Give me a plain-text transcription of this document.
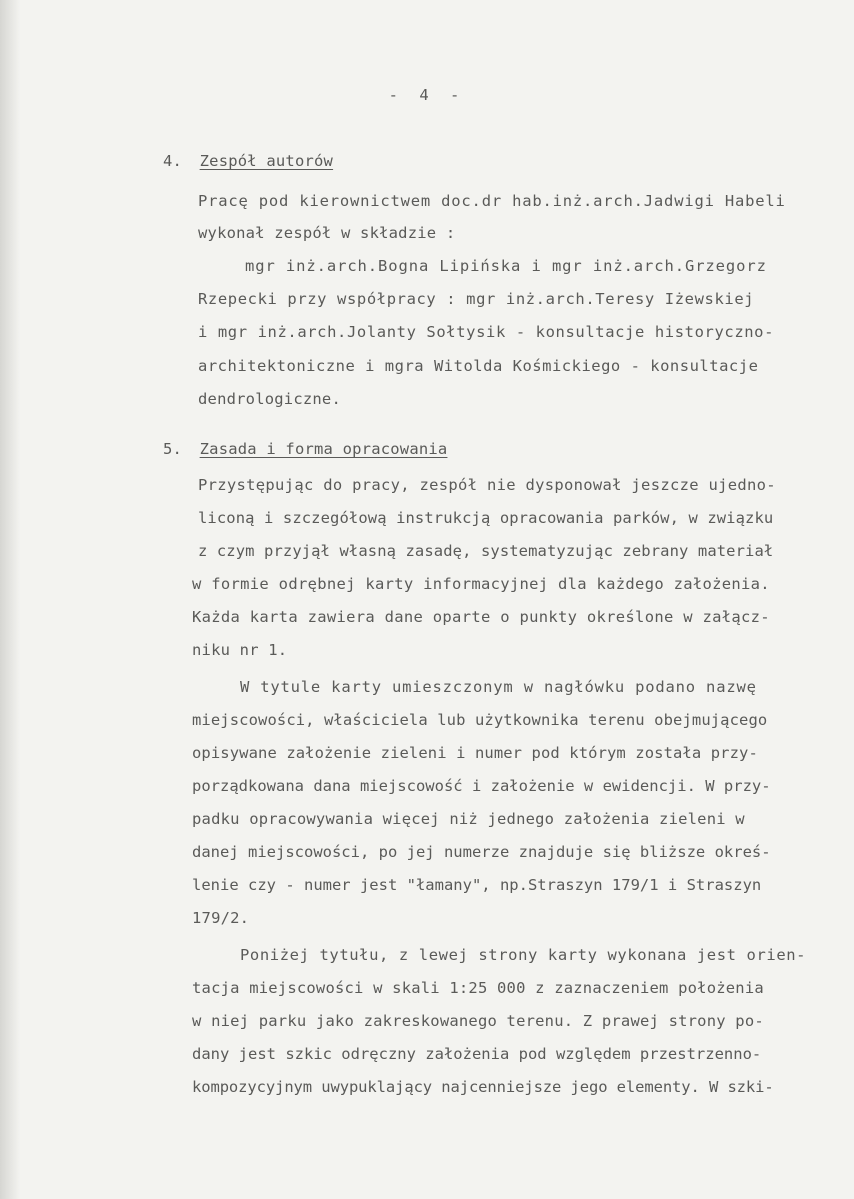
- 4 -
4. Zespół autorów
Pracę pod kierownictwem doc.dr hab.inż.arch.Jadwigi Habeli
wykonał zespół w składzie :
mgr inż.arch.Bogna Lipińska i mgr inż.arch.Grzegorz
Rzepecki przy współpracy : mgr inż.arch.Teresy Iżewskiej
i mgr inż.arch.Jolanty Sołtysik - konsultacje historyczno-
architektoniczne i mgra Witolda Kośmickiego - konsultacje
dendrologiczne.
5. Zasada i forma opracowania
Przystępując do pracy, zespół nie dysponował jeszcze ujedno-
liconą i szczegółową instrukcją opracowania parków, w związku
z czym przyjął własną zasadę, systematyzując zebrany materiał
w formie odrębnej karty informacyjnej dla każdego założenia.
Każda karta zawiera dane oparte o punkty określone w załącz-
niku nr 1.
W tytule karty umieszczonym w nagłówku podano nazwę
miejscowości, właściciela lub użytkownika terenu obejmującego
opisywane założenie zieleni i numer pod którym została przy-
porządkowana dana miejscowość i założenie w ewidencji. W przy-
padku opracowywania więcej niż jednego założenia zieleni w
danej miejscowości, po jej numerze znajduje się bliższe okreś-
lenie czy - numer jest "łamany", np.Straszyn 179/1 i Straszyn
179/2.
Poniżej tytułu, z lewej strony karty wykonana jest orien-
tacja miejscowości w skali 1:25 000 z zaznaczeniem położenia
w niej parku jako zakreskowanego terenu. Z prawej strony po-
dany jest szkic odręczny założenia pod względem przestrzenno-
kompozycyjnym uwypuklający najcenniejsze jego elementy. W szki-
